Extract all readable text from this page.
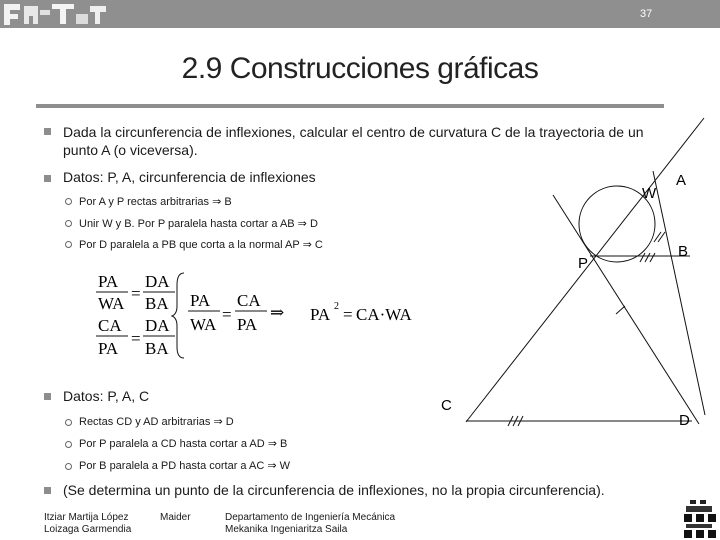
37
2.9 Construcciones gráficas
Dada la circunferencia de inflexiones, calcular el centro de curvatura C de la trayectoria de un punto A (o viceversa).
Datos: P, A, circunferencia de inflexiones
Por A y P rectas arbitrarias ⇒ B
Unir W y B. Por P paralela hasta cortar a AB ⇒ D
Por D paralela a PB que corta a la normal AP ⇒ C
PA
WA
=
DA
BA
CA
PA
=
DA
BA
PA
WA
=
CA
PA
⇒ PA 2 = CA·WA
Datos: P, A, C
Rectas CD y AD arbitrarias ⇒ D
Por P paralela a CD hasta cortar a AD ⇒ B
Por B paralela a PD hasta cortar a AC ⇒ W
(Se determina un punto de la circunferencia de inflexiones, no la propia circunferencia).
W
A
P
B
C
D
Itziar Martija López
Loizaga Garmendia
Maider	Departamento de Ingeniería Mecánica
Mekanika Ingeniaritza Saila
